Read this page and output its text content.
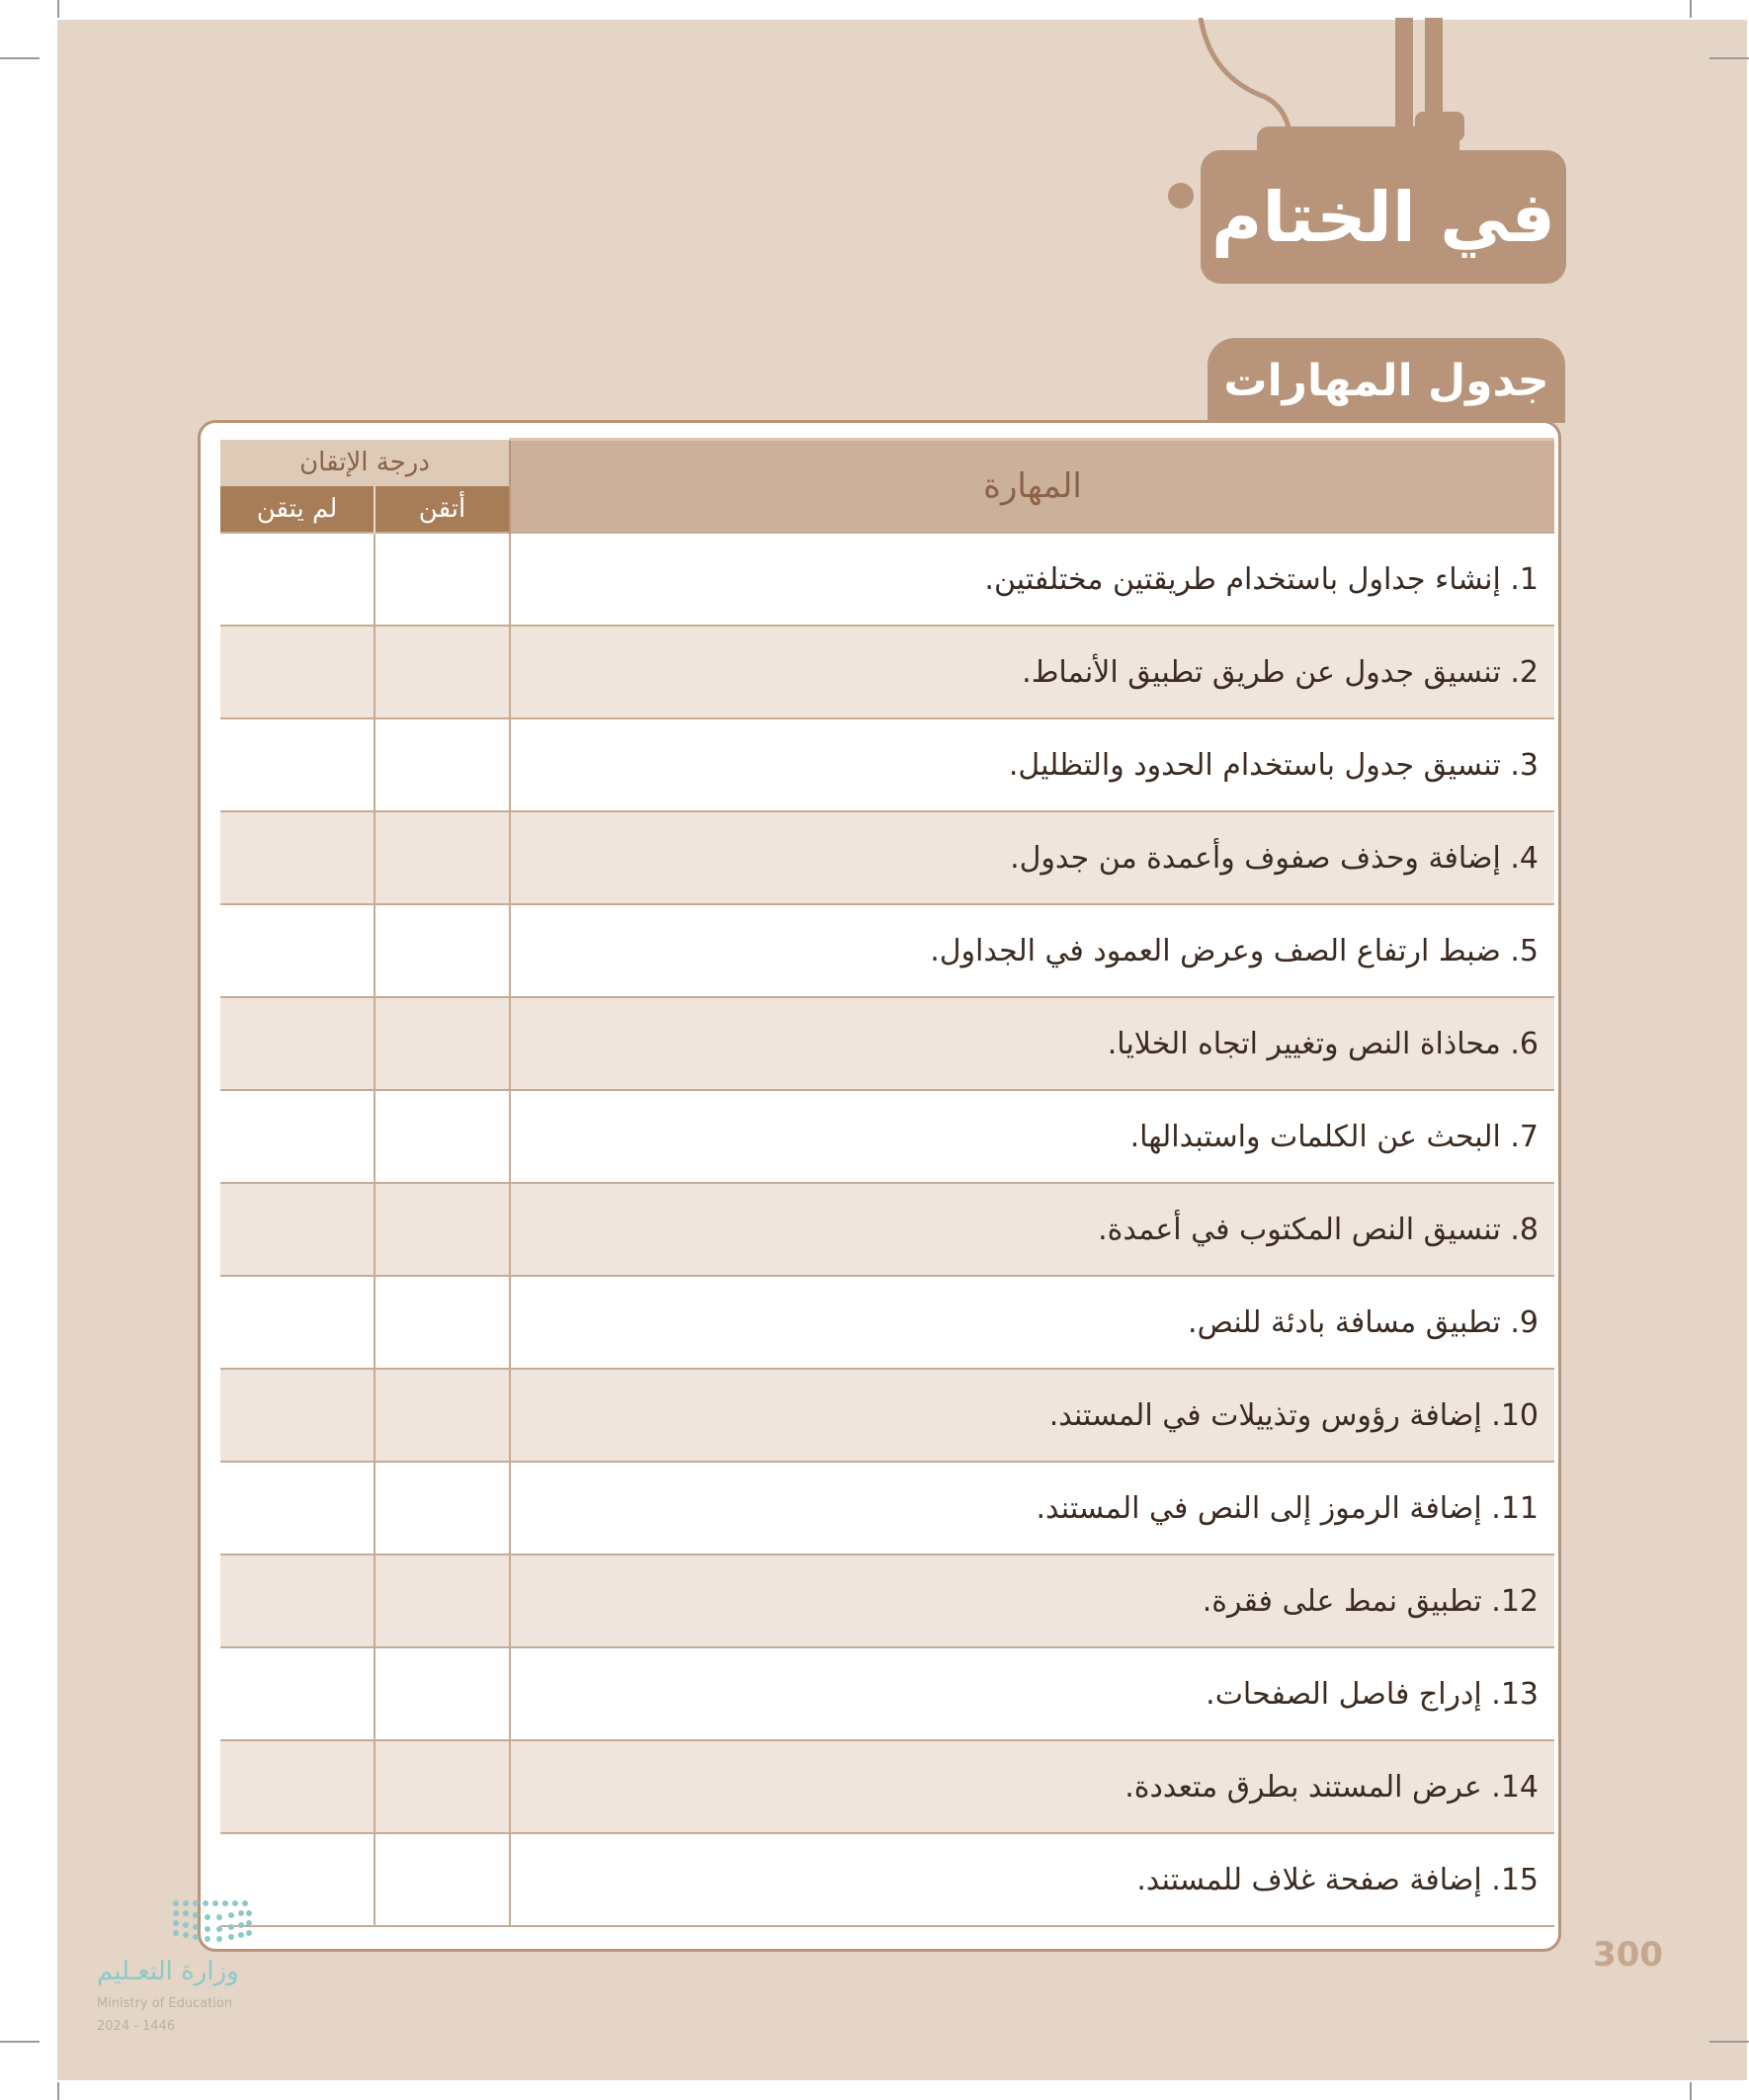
في الختام
جدول المهارات
المهارة	درجة الإتقان	
	أتقن	لم يتقن
1. إنشاء جداول باستخدام طريقتين مختلفتين.		
2. تنسيق جدول عن طريق تطبيق الأنماط.		
3. تنسيق جدول باستخدام الحدود والتظليل.		
4. إضافة وحذف صفوف وأعمدة من جدول.		
5. ضبط ارتفاع الصف وعرض العمود في الجداول.		
6. محاذاة النص وتغيير اتجاه الخلايا.		
7. البحث عن الكلمات واستبدالها.		
8. تنسيق النص المكتوب في أعمدة.		
9. تطبيق مسافة بادئة للنص.		
10. إضافة رؤوس وتذييلات في المستند.		
11. إضافة الرموز إلى النص في المستند.		
12. تطبيق نمط على فقرة.		
13. إدراج فاصل الصفحات.		
14. عرض المستند بطرق متعددة.		
15. إضافة صفحة غلاف للمستند.		
300
وزارة التعـليم
Ministry of Education
2024 - 1446
